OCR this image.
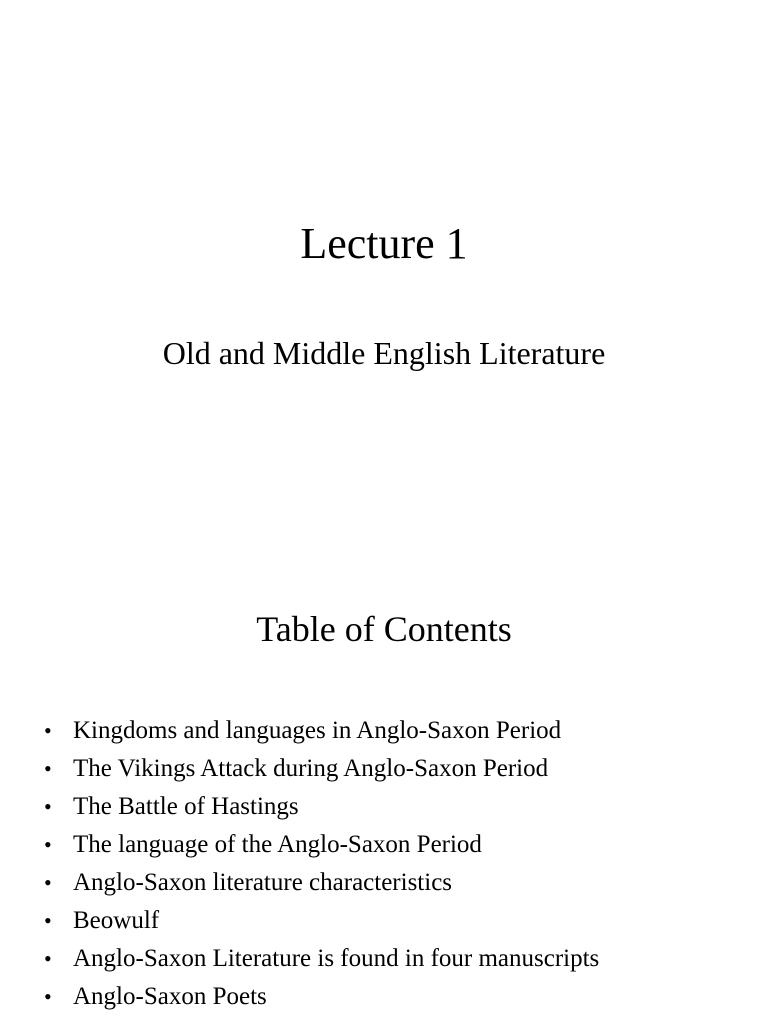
Lecture 1
Old and Middle English Literature
Table of Contents
• Kingdoms and languages in Anglo-Saxon Period
• The Vikings Attack during Anglo-Saxon Period
• The Battle of Hastings
• The language of the Anglo-Saxon Period
• Anglo-Saxon literature characteristics
• Beowulf
• Anglo-Saxon Literature is found in four manuscripts
• Anglo-Saxon Poets
